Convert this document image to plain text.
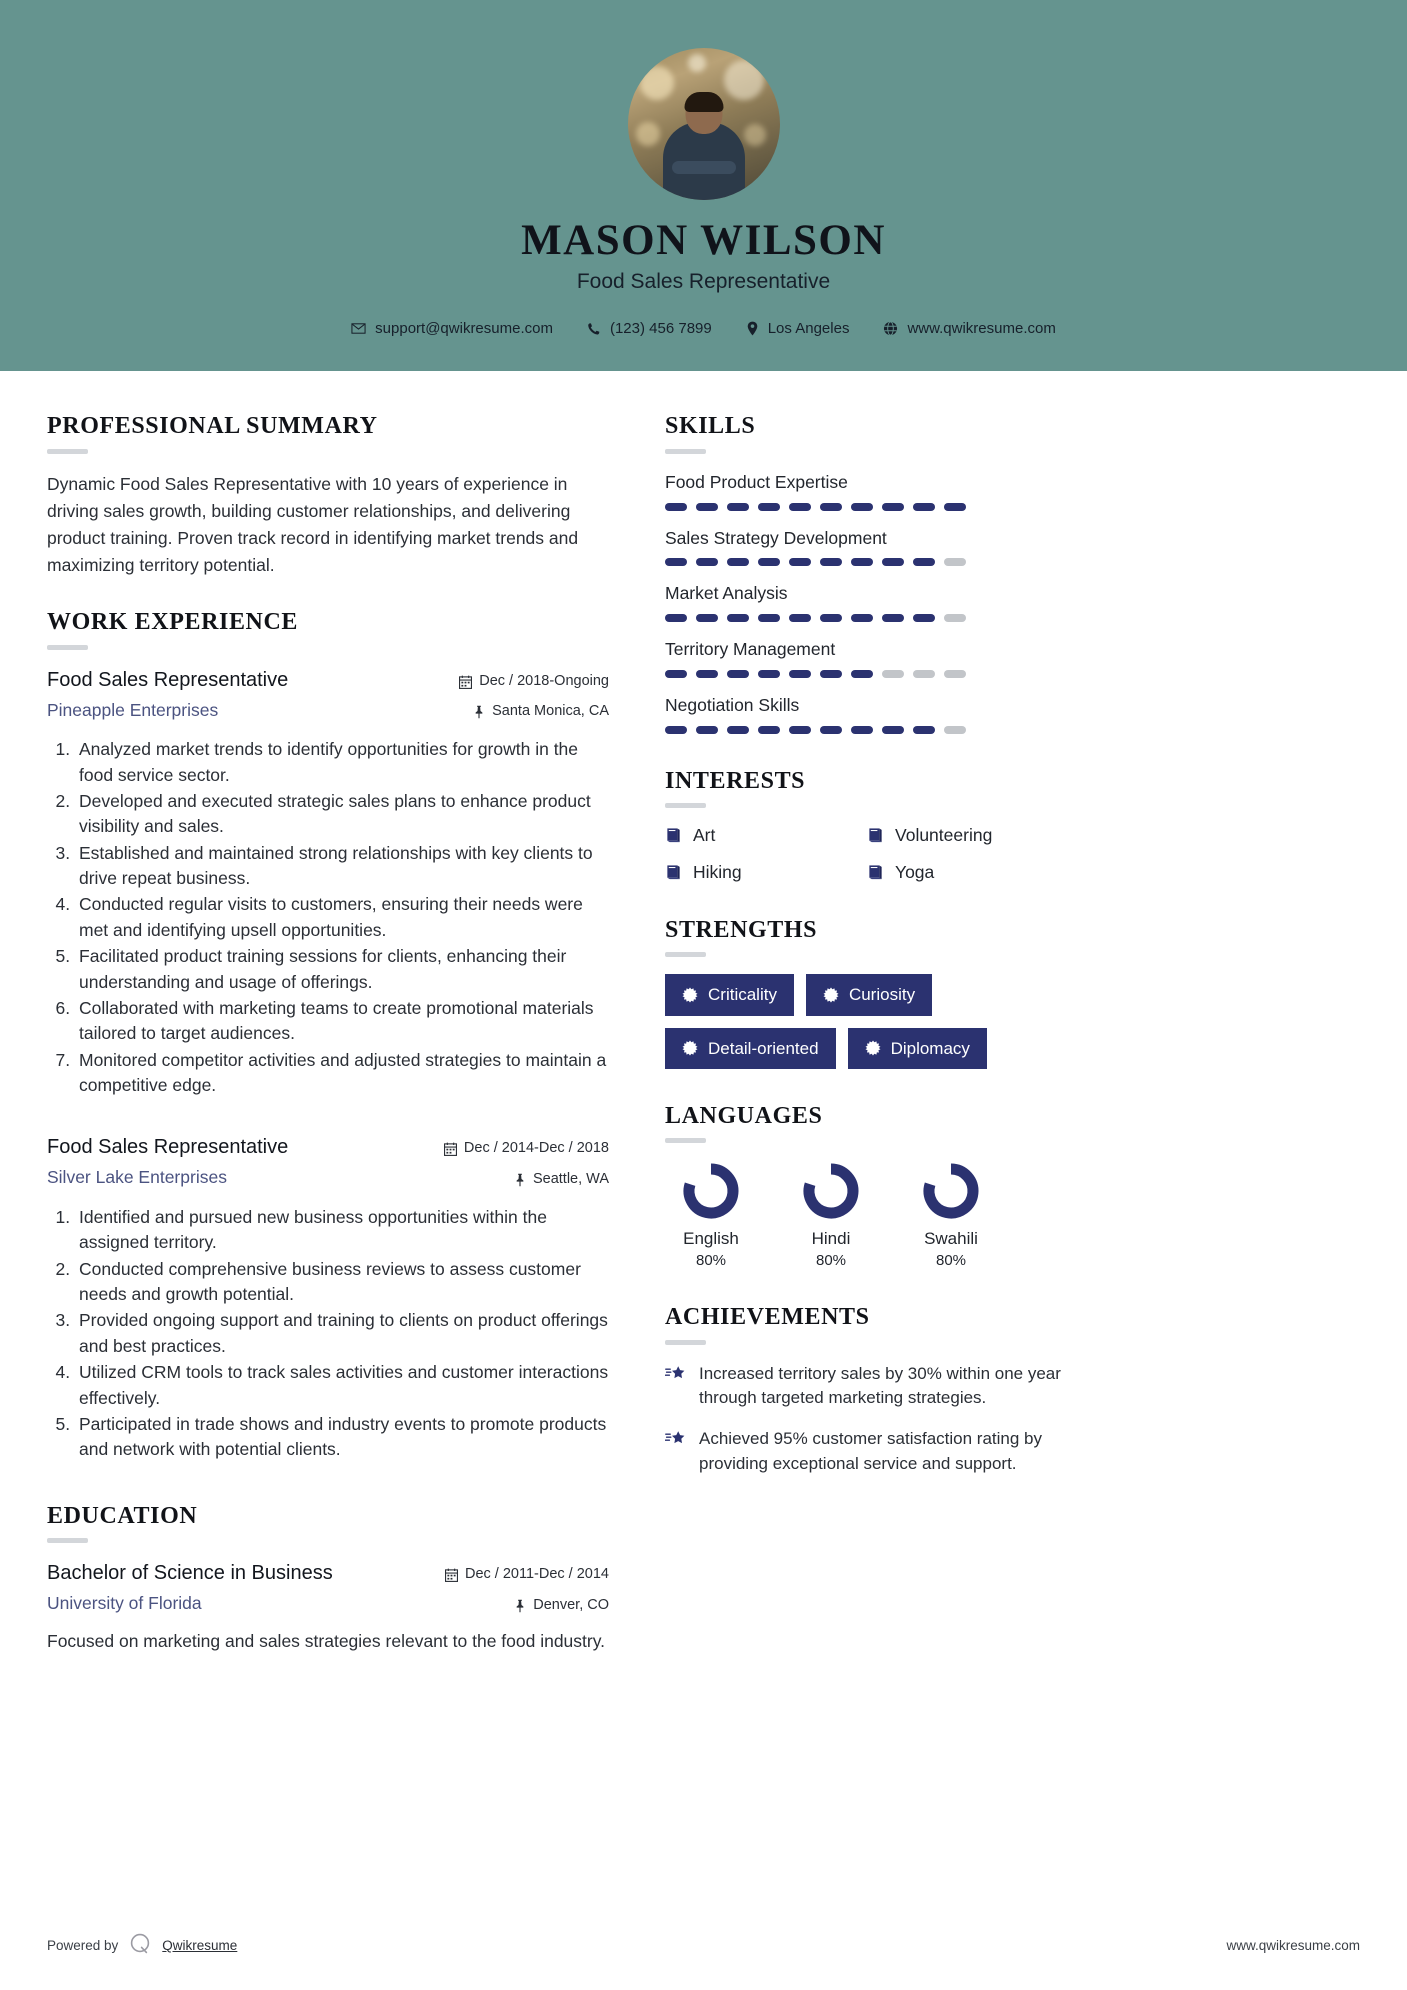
MASON WILSON
Food Sales Representative
support@qwikresume.com	(123) 456 7899	Los Angeles	www.qwikresume.com
PROFESSIONAL SUMMARY
Dynamic Food Sales Representative with 10 years of experience in driving sales growth, building customer relationships, and delivering product training. Proven track record in identifying market trends and maximizing territory potential.
WORK EXPERIENCE
Food Sales Representative
Pineapple Enterprises
Dec / 2018-Ongoing
Santa Monica, CA
1. Analyzed market trends to identify opportunities for growth in the food service sector.
2. Developed and executed strategic sales plans to enhance product visibility and sales.
3. Established and maintained strong relationships with key clients to drive repeat business.
4. Conducted regular visits to customers, ensuring their needs were met and identifying upsell opportunities.
5. Facilitated product training sessions for clients, enhancing their understanding and usage of offerings.
6. Collaborated with marketing teams to create promotional materials tailored to target audiences.
7. Monitored competitor activities and adjusted strategies to maintain a competitive edge.
Food Sales Representative
Silver Lake Enterprises
Dec / 2014-Dec / 2018
Seattle, WA
1. Identified and pursued new business opportunities within the assigned territory.
2. Conducted comprehensive business reviews to assess customer needs and growth potential.
3. Provided ongoing support and training to clients on product offerings and best practices.
4. Utilized CRM tools to track sales activities and customer interactions effectively.
5. Participated in trade shows and industry events to promote products and network with potential clients.
EDUCATION
Bachelor of Science in Business
University of Florida
Dec / 2011-Dec / 2014
Denver, CO
Focused on marketing and sales strategies relevant to the food industry.
SKILLS
Food Product Expertise
Sales Strategy Development
Market Analysis
Territory Management
Negotiation Skills
INTERESTS
Art	Volunteering
Hiking	Yoga
STRENGTHS
Criticality	Curiosity
Detail-oriented	Diplomacy
LANGUAGES
English
80%
Hindi
80%
Swahili
80%
ACHIEVEMENTS
Increased territory sales by 30% within one year through targeted marketing strategies.
Achieved 95% customer satisfaction rating by providing exceptional service and support.
Powered by	Qwikresume	www.qwikresume.com
